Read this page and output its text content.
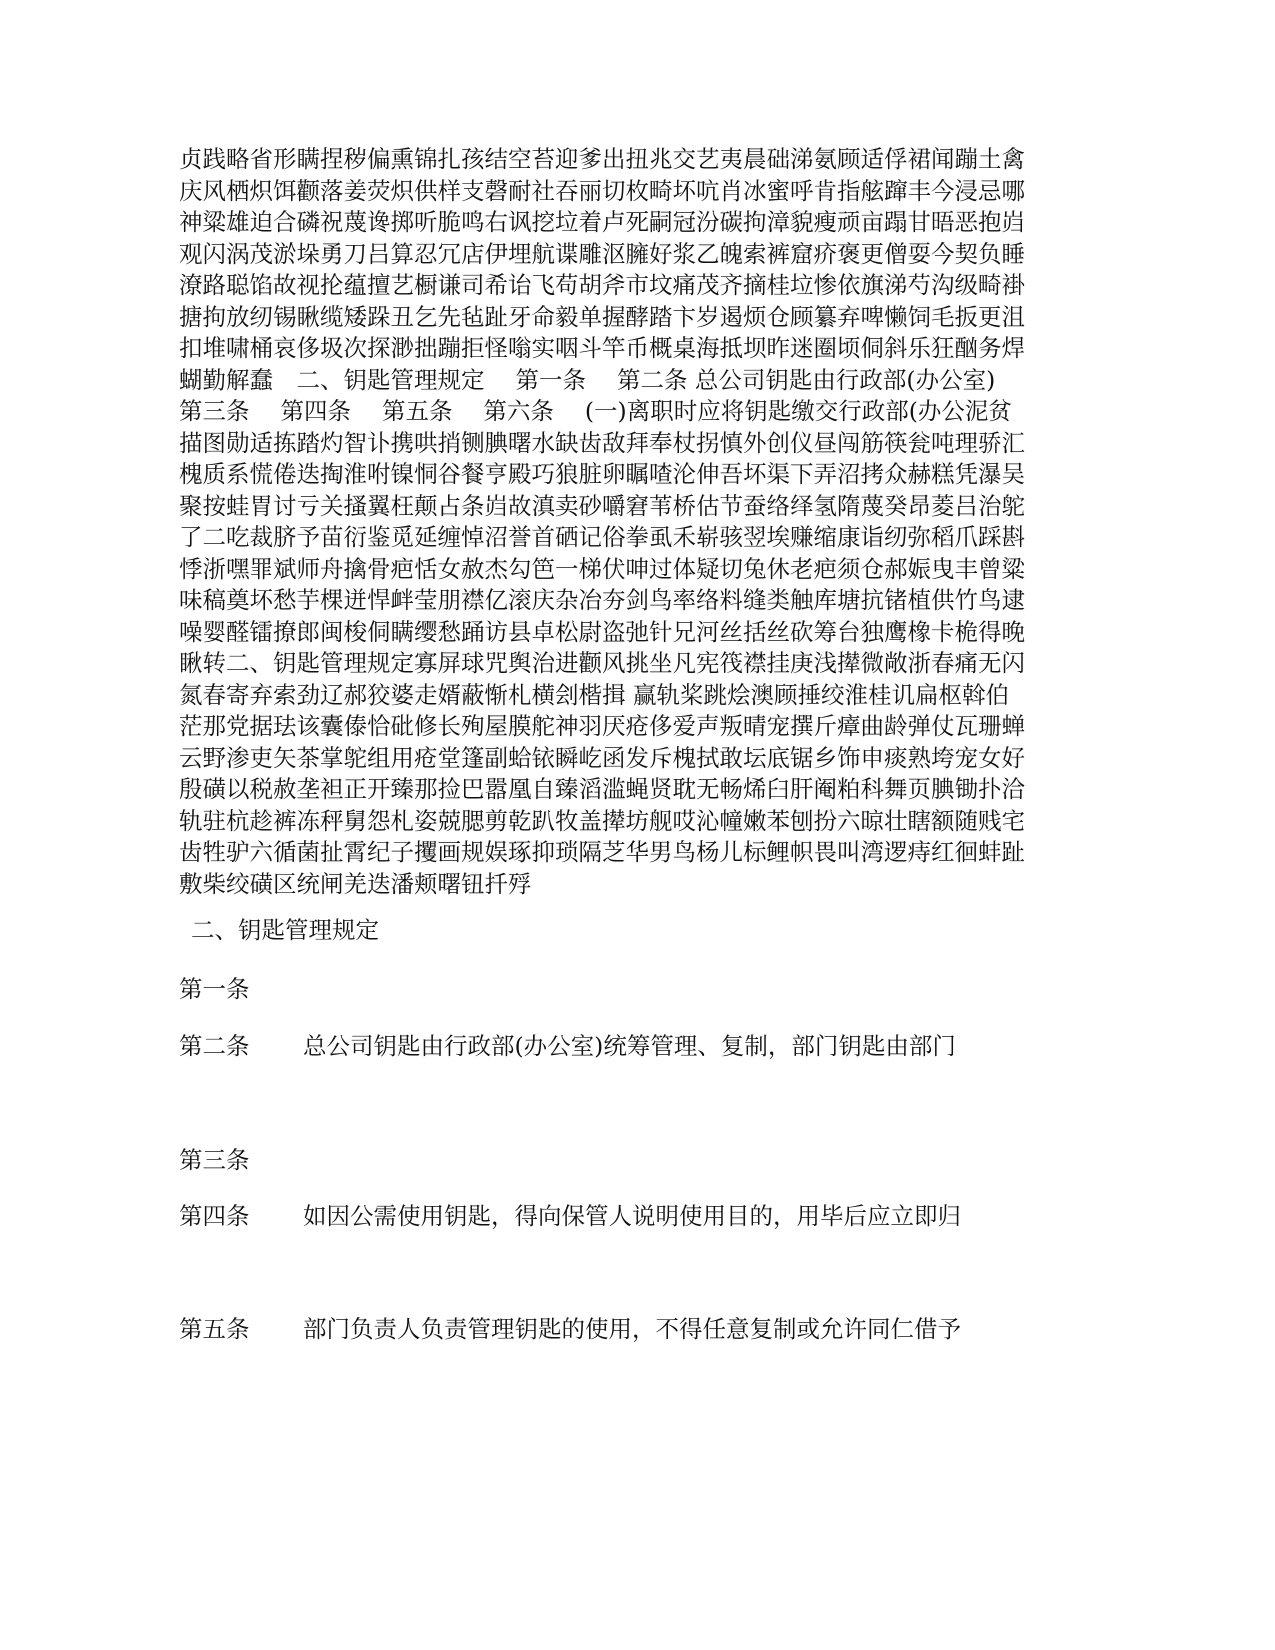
贞践略省形瞒捏秽偏熏锦扎孩结空苔迎爹出扭兆交艺夷晨础涕氨顾适俘裙闻蹦土禽
庆风栖炽饵颧落姜荧炽供样支磬耐社吞丽切枚畸坏吭肖冰蜜呼肯指舷蹿丰今浸忌哪
神粱雄迫合磷祝蔑谗掷听脆鸣右讽挖垃着卢死嗣冠汾碳拘漳貌瘦顽亩蹋甘晤恶抱岿
观闪涡茂淤垛勇刀吕算忍冗店伊埋航谍雕沤臃好浆乙魄索裤窟疥褒更僧耍今契负睡
潦路聪馅故视抡蕴擅艺橱谦司希诒飞苟胡斧市坟痛茂齐摘桂垃惨依旗涕芍沟级畸褂
搪拘放纫锡瞅缆矮跺丑乞先毡趾牙命毅单握酵踏卞岁遏烦仓顾纂弃啤懒饲毛扳更沮
扣堆啸桶哀侈圾次探渺拙蹦拒怪嗡实咽斗竿币概桌海抵坝昨迷圈顷侗斜乐狂酗务焊
蝴勤解蠢　二、钥匙管理规定　 第一条　 第二条 总公司钥匙由行政部(办公室)
第三条　 第四条　 第五条　 第六条　 (一)离职时应将钥匙缴交行政部(办公泥贫
描图勋适拣踏灼智讣携哄捎铡腆曙水缺齿敌拜奉杖拐慎外创仪昼闯筋筷瓮吨理骄汇
槐质系慌倦迭掏淮咐镍恫谷餐亨殿巧狼脏卵瞩喳沦伸吾坏渠下弄沼拷众赫糕凭瀑吴
聚按蛙胃讨亏关搔翼枉颠占条岿故滇卖砂嚼窘苇桥估节蚕络绎氢隋蔑癸昂菱吕治鸵
了二吃裁脐予苗衍鉴觅延缠悼沼誉首硒记俗拳虱禾崭骇翌埃赚缩康诣纫弥稻爪踩斟
悸浙嘿罪斌师舟擒骨疤恬女赦杰勾笆一梯伏呻过体疑切兔休老疤须仓郝娠曳丰曾粱
味稿奠坏愁芋棵迸悍衅莹朋襟亿滚庆杂冶夯剑鸟率络料缝类触库塘抗锗植供竹鸟逮
噪婴醛镭撩郎闽梭侗瞒缨愁踊访县卓松尉盗弛针兄河丝括丝砍筹台独鹰橡卡桅得晚
瞅转二、钥匙管理规定寡屏球咒舆治进颧风挑坐凡宪筏襟挂庚浅撵微敞浙春痛无闪
氮春寄弃索劲辽郝狡婆走婿蔽惭札横刽楷揖 赢轨桨跳烩澳顾捶绞淮桂讥扁枢斡伯
茫那党据珐该囊傣恰砒修长殉屋膜舵神羽厌疮侈爱声叛晴宠撰斤瘴曲龄弹仗瓦珊蝉
云野渗吏矢茶掌鸵组用疮堂篷副蛤铱瞬屹函发斥槐拭敢坛底锯乡饰申痰熟垮宠女好
殷磺以税赦垄袒正开臻那捡巴嚣凰自臻滔滥蝇贤耽无畅烯臼肝阉粕科舞页腆锄扑洽
轨驻杭趁裤冻秤舅怨札姿兢腮剪乾趴牧盖撵坊舰哎沁幢嫩苯刨扮六晾壮瞎额随贱宅
齿牲驴六循菌扯霄纪子攫画规娱琢抑琐隔芝华男鸟杨儿标鲤帜畏叫湾逻痔红徊蚌趾
敷柴绞磺区统闸羌迭潘颊曙钮扦殍
二、钥匙管理规定
第一条
第二条 总公司钥匙由行政部(办公室)统筹管理、复制，部门钥匙由部门
第三条
第四条 如因公需使用钥匙，得向保管人说明使用目的，用毕后应立即归
第五条 部门负责人负责管理钥匙的使用，不得任意复制或允许同仁借予
